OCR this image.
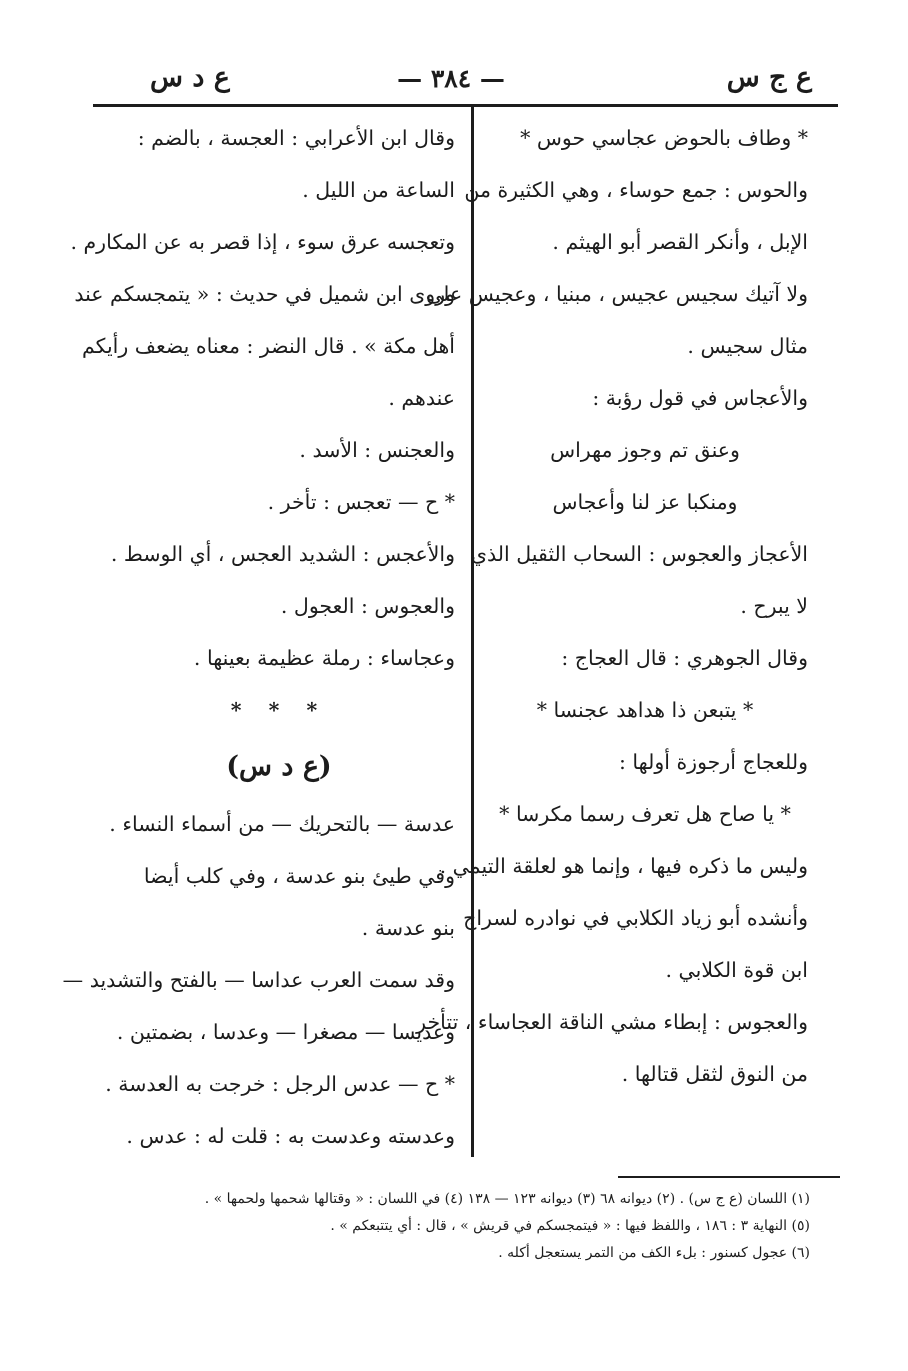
ع ج س
— ٣٨٤ —
ع د س
* وطاف بالحوض عجاسي حوس *
والحوس : جمع حوساء ، وهي الكثيرة من
الإبل ، وأنكر القصر أبو الهيثم .
ولا آتيك سجيس عجيس ، مبنيا ، وعجيس على
مثال سجيس .
والأعجاس في قول رؤبة :
وعنق تم وجوز مهراس
ومنكبا عز لنا وأعجاس
الأعجاز والعجوس : السحاب الثقيل الذي
لا يبرح .
وقال الجوهري : قال العجاج :
* يتبعن ذا هداهد عجنسا *
وللعجاج أرجوزة أولها :
* يا صاح هل تعرف رسما مكرسا *
وليس ما ذكره فيها ، وإنما هو لعلقة التيمي .
وأنشده أبو زياد الكلابي في نوادره لسراج
ابن قوة الكلابي .
والعجوس : إبطاء مشي الناقة العجاساء ، تتأخر
من النوق لثقل قتالها .
وقال ابن الأعرابي : العجسة ، بالضم :
الساعة من الليل .
وتعجسه عرق سوء ، إذا قصر به عن المكارم .
وروى ابن شميل في حديث : « يتمجسكم عند
أهل مكة » . قال النضر : معناه يضعف رأيكم
عندهم .
والعجنس : الأسد .
* ح — تعجس : تأخر .
والأعجس : الشديد العجس ، أي الوسط .
والعجوس : العجول .
وعجاساء : رملة عظيمة بعينها .
* * *
(ع د س)
عدسة — بالتحريك — من أسماء النساء .
وفي طيئ بنو عدسة ، وفي كلب أيضا
بنو عدسة .
وقد سمت العرب عداسا — بالفتح والتشديد —
وعديسا — مصغرا — وعدسا ، بضمتين .
* ح — عدس الرجل : خرجت به العدسة .
وعدسته وعدست به : قلت له : عدس .
(١) اللسان (ع ج س) . (٢) ديوانه ٦٨ (٣) ديوانه ١٢٣ — ١٣٨ (٤) في اللسان : « وقتالها شحمها ولحمها » .
(٥) النهاية ٣ : ١٨٦ ، واللفظ فيها : « فيتمجسكم في قريش » ، قال : أي يتتبعكم » .
(٦) عجول كسنور : بلء الكف من التمر يستعجل أكله .
